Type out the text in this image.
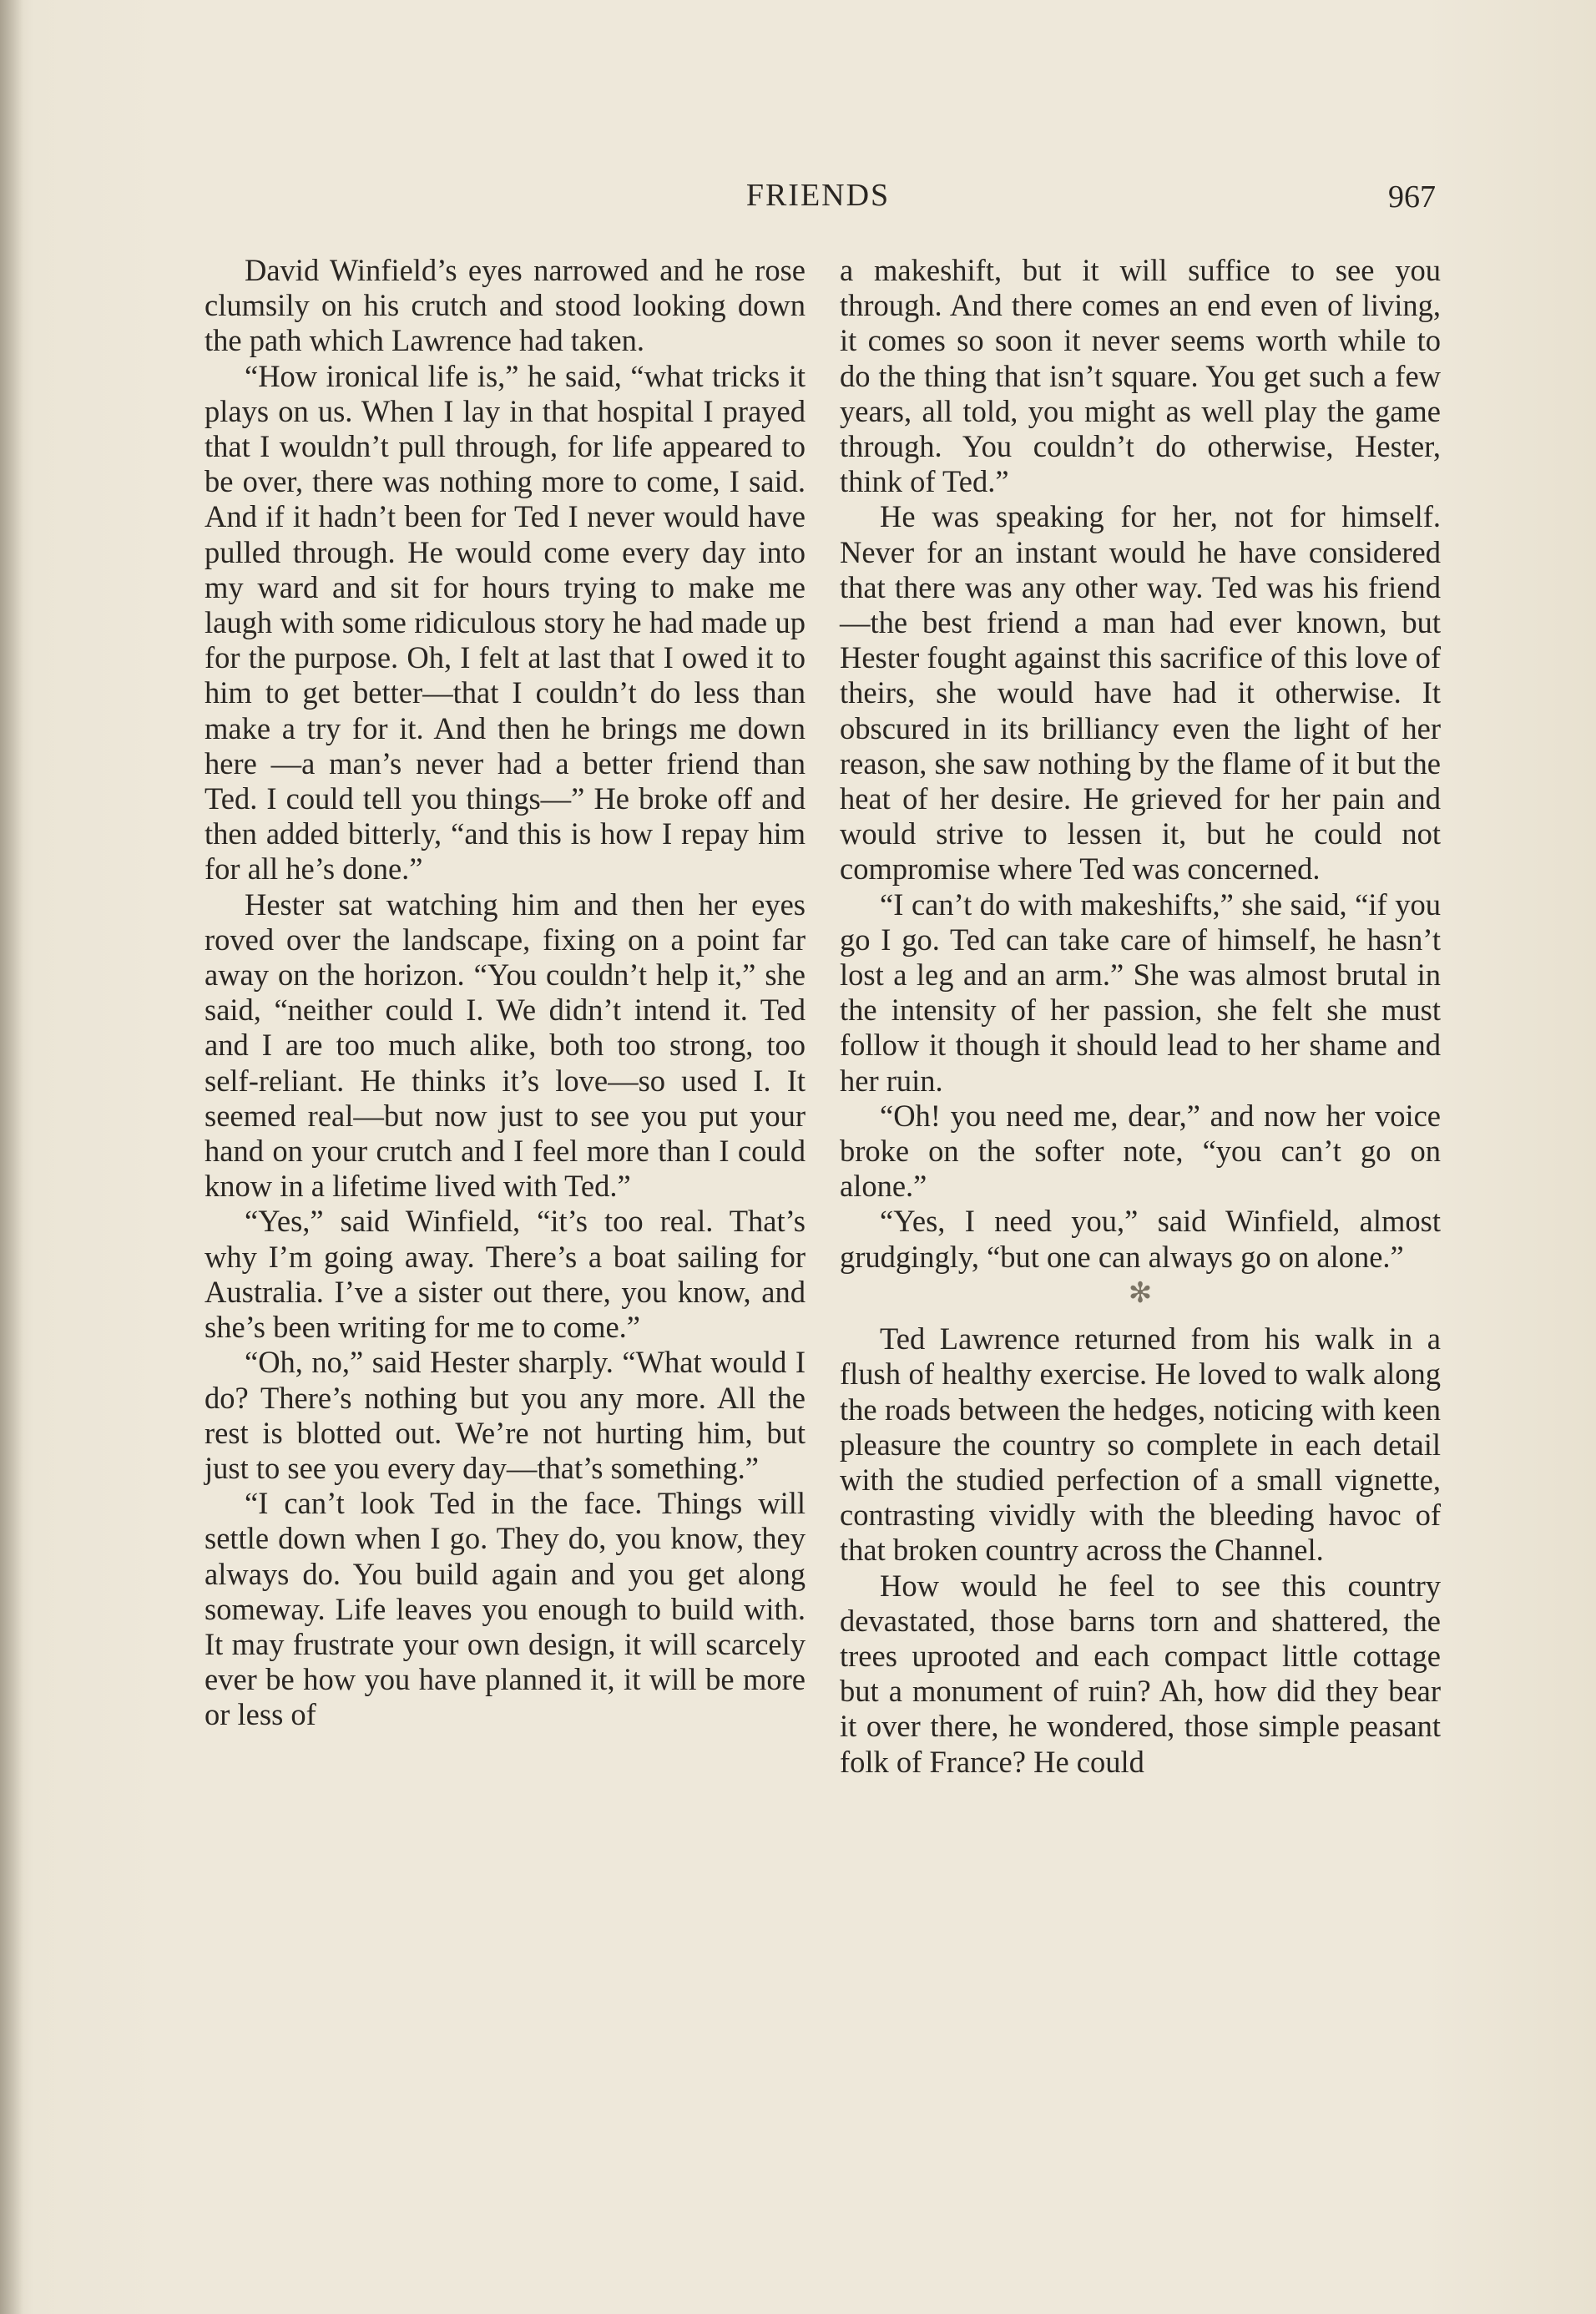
FRIENDS	967

David Winfield’s eyes narrowed and he rose clumsily on his crutch and stood looking down the path which Lawrence had taken.

“How ironical life is,” he said, “what tricks it plays on us. When I lay in that hospital I prayed that I wouldn’t pull through, for life appeared to be over, there was nothing more to come, I said. And if it hadn’t been for Ted I never would have pulled through. He would come every day into my ward and sit for hours trying to make me laugh with some ridiculous story he had made up for the purpose. Oh, I felt at last that I owed it to him to get better—that I couldn’t do less than make a try for it. And then he brings me down here —a man’s never had a better friend than Ted. I could tell you things—” He broke off and then added bitterly, “and this is how I repay him for all he’s done.”

Hester sat watching him and then her eyes roved over the landscape, fixing on a point far away on the horizon. “You couldn’t help it,” she said, “neither could I. We didn’t intend it. Ted and I are too much alike, both too strong, too self-reliant. He thinks it’s love—so used I. It seemed real—but now just to see you put your hand on your crutch and I feel more than I could know in a lifetime lived with Ted.”

“Yes,” said Winfield, “it’s too real. That’s why I’m going away. There’s a boat sailing for Australia. I’ve a sister out there, you know, and she’s been writing for me to come.”

“Oh, no,” said Hester sharply. “What would I do? There’s nothing but you any more. All the rest is blotted out. We’re not hurting him, but just to see you every day—that’s something.”

“I can’t look Ted in the face. Things will settle down when I go. They do, you know, they always do. You build again and you get along someway. Life leaves you enough to build with. It may frustrate your own design, it will scarcely ever be how you have planned it, it will be more or less of

a makeshift, but it will suffice to see you through. And there comes an end even of living, it comes so soon it never seems worth while to do the thing that isn’t square. You get such a few years, all told, you might as well play the game through. You couldn’t do otherwise, Hester, think of Ted.”

He was speaking for her, not for himself. Never for an instant would he have considered that there was any other way. Ted was his friend—the best friend a man had ever known, but Hester fought against this sacrifice of this love of theirs, she would have had it otherwise. It obscured in its brilliancy even the light of her reason, she saw nothing by the flame of it but the heat of her desire. He grieved for her pain and would strive to lessen it, but he could not compromise where Ted was concerned.

“I can’t do with makeshifts,” she said, “if you go I go. Ted can take care of himself, he hasn’t lost a leg and an arm.” She was almost brutal in the intensity of her passion, she felt she must follow it though it should lead to her shame and her ruin.

“Oh! you need me, dear,” and now her voice broke on the softer note, “you can’t go on alone.”

“Yes, I need you,” said Winfield, almost grudgingly, “but one can always go on alone.”

✻

Ted Lawrence returned from his walk in a flush of healthy exercise. He loved to walk along the roads between the hedges, noticing with keen pleasure the country so complete in each detail with the studied perfection of a small vignette, contrasting vividly with the bleeding havoc of that broken country across the Channel.

How would he feel to see this country devastated, those barns torn and shattered, the trees uprooted and each compact little cottage but a monument of ruin? Ah, how did they bear it over there, he wondered, those simple peasant folk of France? He could
